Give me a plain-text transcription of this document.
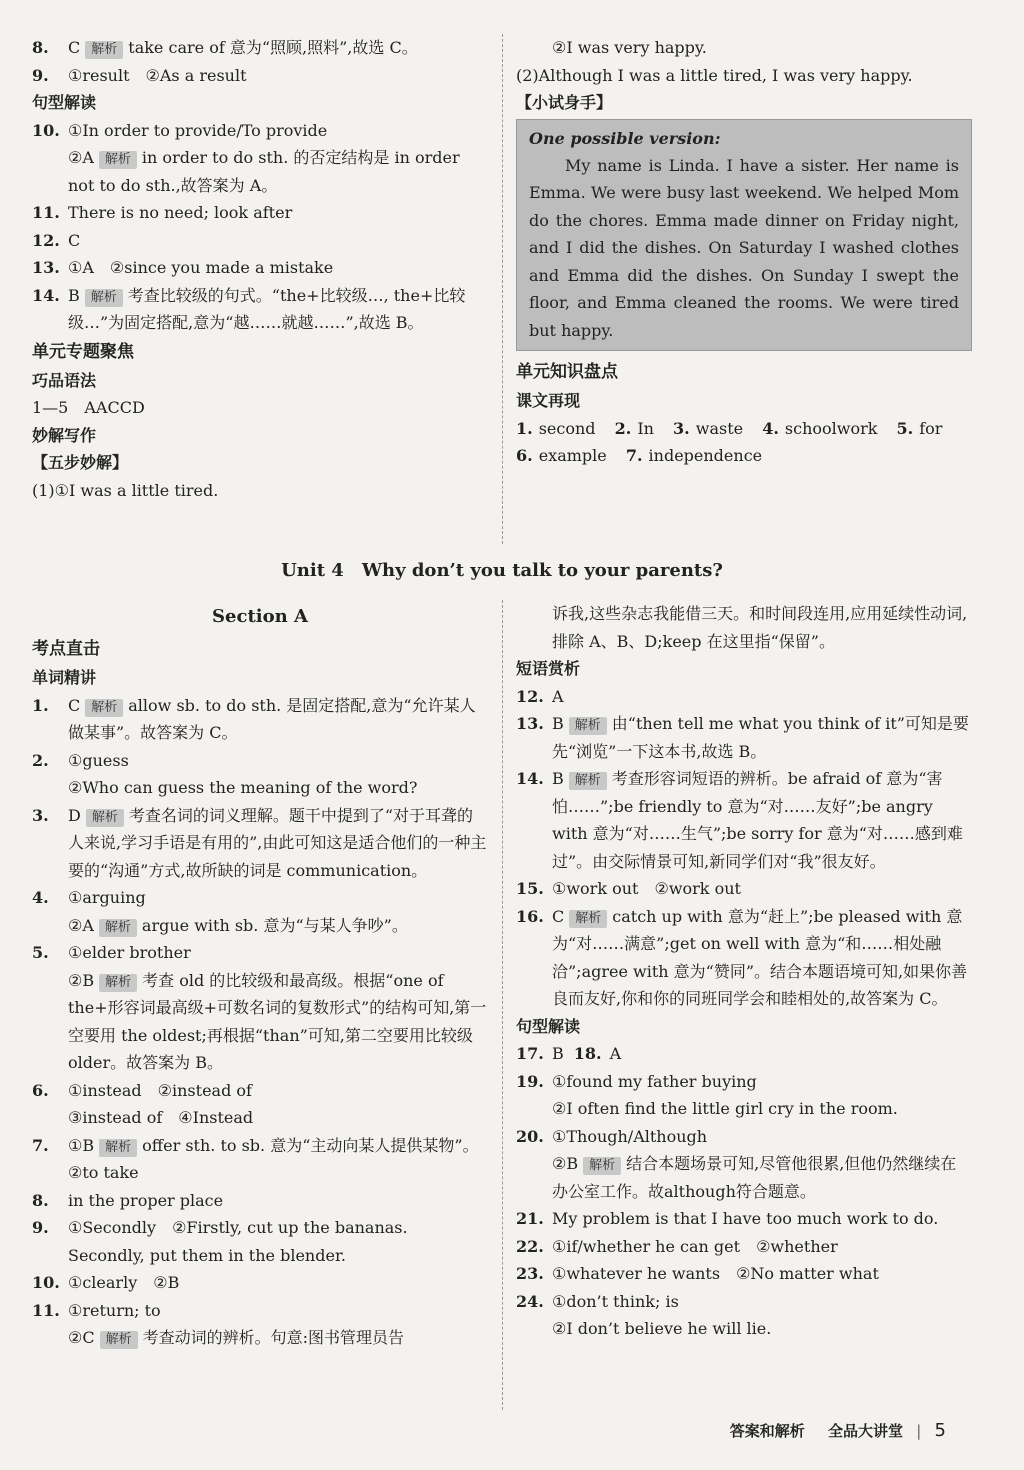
8. C 解析 take care of 意为“照顾,照料”,故选 C。
9. ①result　②As a result
句型解读
10. ①In order to provide/To provide
②A 解析 in order to do sth. 的否定结构是 in order not to do sth.,故答案为 A。
11. There is no need; look after
12. C
13. ①A　②since you made a mistake
14. B 解析 考查比较级的句式。“the+比较级…, the+比较级…”为固定搭配,意为“越……就越……”,故选 B。
单元专题聚焦
巧品语法
1—5　AACCD
妙解写作
【五步妙解】
(1)①I was a little tired.
②I was very happy.
(2)Although I was a little tired, I was very happy.
【小试身手】
One possible version:

My name is Linda. I have a sister. Her name is Emma. We were busy last weekend. We helped Mom do the chores. Emma made dinner on Friday night, and I did the dishes. On Saturday I washed clothes and Emma did the dishes. On Sunday I swept the floor, and Emma cleaned the rooms. We were tired but happy.

单元知识盘点
课文再现
1. second 2. In 3. waste 4. schoolwork 5. for
6. example 7. independence
Unit 4　Why don’t you talk to your parents?
Section A
考点直击
单词精讲
1. C 解析 allow sb. to do sth. 是固定搭配,意为“允许某人做某事”。故答案为 C。
2. ①guess
②Who can guess the meaning of the word?
3. D 解析 考查名词的词义理解。题干中提到了“对于耳聋的人来说,学习手语是有用的”,由此可知这是适合他们的一种主要的“沟通”方式,故所缺的词是 communication。
4. ①arguing
②A 解析 argue with sb. 意为“与某人争吵”。
5. ①elder brother
②B 解析 考查 old 的比较级和最高级。根据“one of the+形容词最高级+可数名词的复数形式”的结构可知,第一空要用 the oldest;再根据“than”可知,第二空要用比较级 older。故答案为 B。
6. ①instead　②instead of
③instead of　④Instead
7. ①B 解析 offer sth. to sb. 意为“主动向某人提供某物”。
②to take
8. in the proper place
9. ①Secondly　②Firstly, cut up the bananas. Secondly, put them in the blender.
10. ①clearly　②B
11. ①return; to
②C 解析 考查动词的辨析。句意:图书管理员告
诉我,这些杂志我能借三天。和时间段连用,应用延续性动词,排除 A、B、D;keep 在这里指“保留”。
短语赏析
12. A
13. B 解析 由“then tell me what you think of it”可知是要先“浏览”一下这本书,故选 B。
14. B 解析 考查形容词短语的辨析。be afraid of 意为“害怕……”;be friendly to 意为“对……友好”;be angry with 意为“对……生气”;be sorry for 意为“对……感到难过”。由交际情景可知,新同学们对“我”很友好。
15. ①work out　②work out
16. C 解析 catch up with 意为“赶上”;be pleased with 意为“对……满意”;get on well with 意为“和……相处融洽”;agree with 意为“赞同”。结合本题语境可知,如果你善良而友好,你和你的同班同学会和睦相处的,故答案为 C。
句型解读
17. B 18. A
19. ①found my father buying
②I often find the little girl cry in the room.
20. ①Though/Although
②B 解析 结合本题场景可知,尽管他很累,但他仍然继续在办公室工作。故although符合题意。
21. My problem is that I have too much work to do.
22. ①if/whether he can get　②whether
23. ①whatever he wants　②No matter what
24. ①don’t think; is
②I don’t believe he will lie.
答案和解析 全品大讲堂 | 5
